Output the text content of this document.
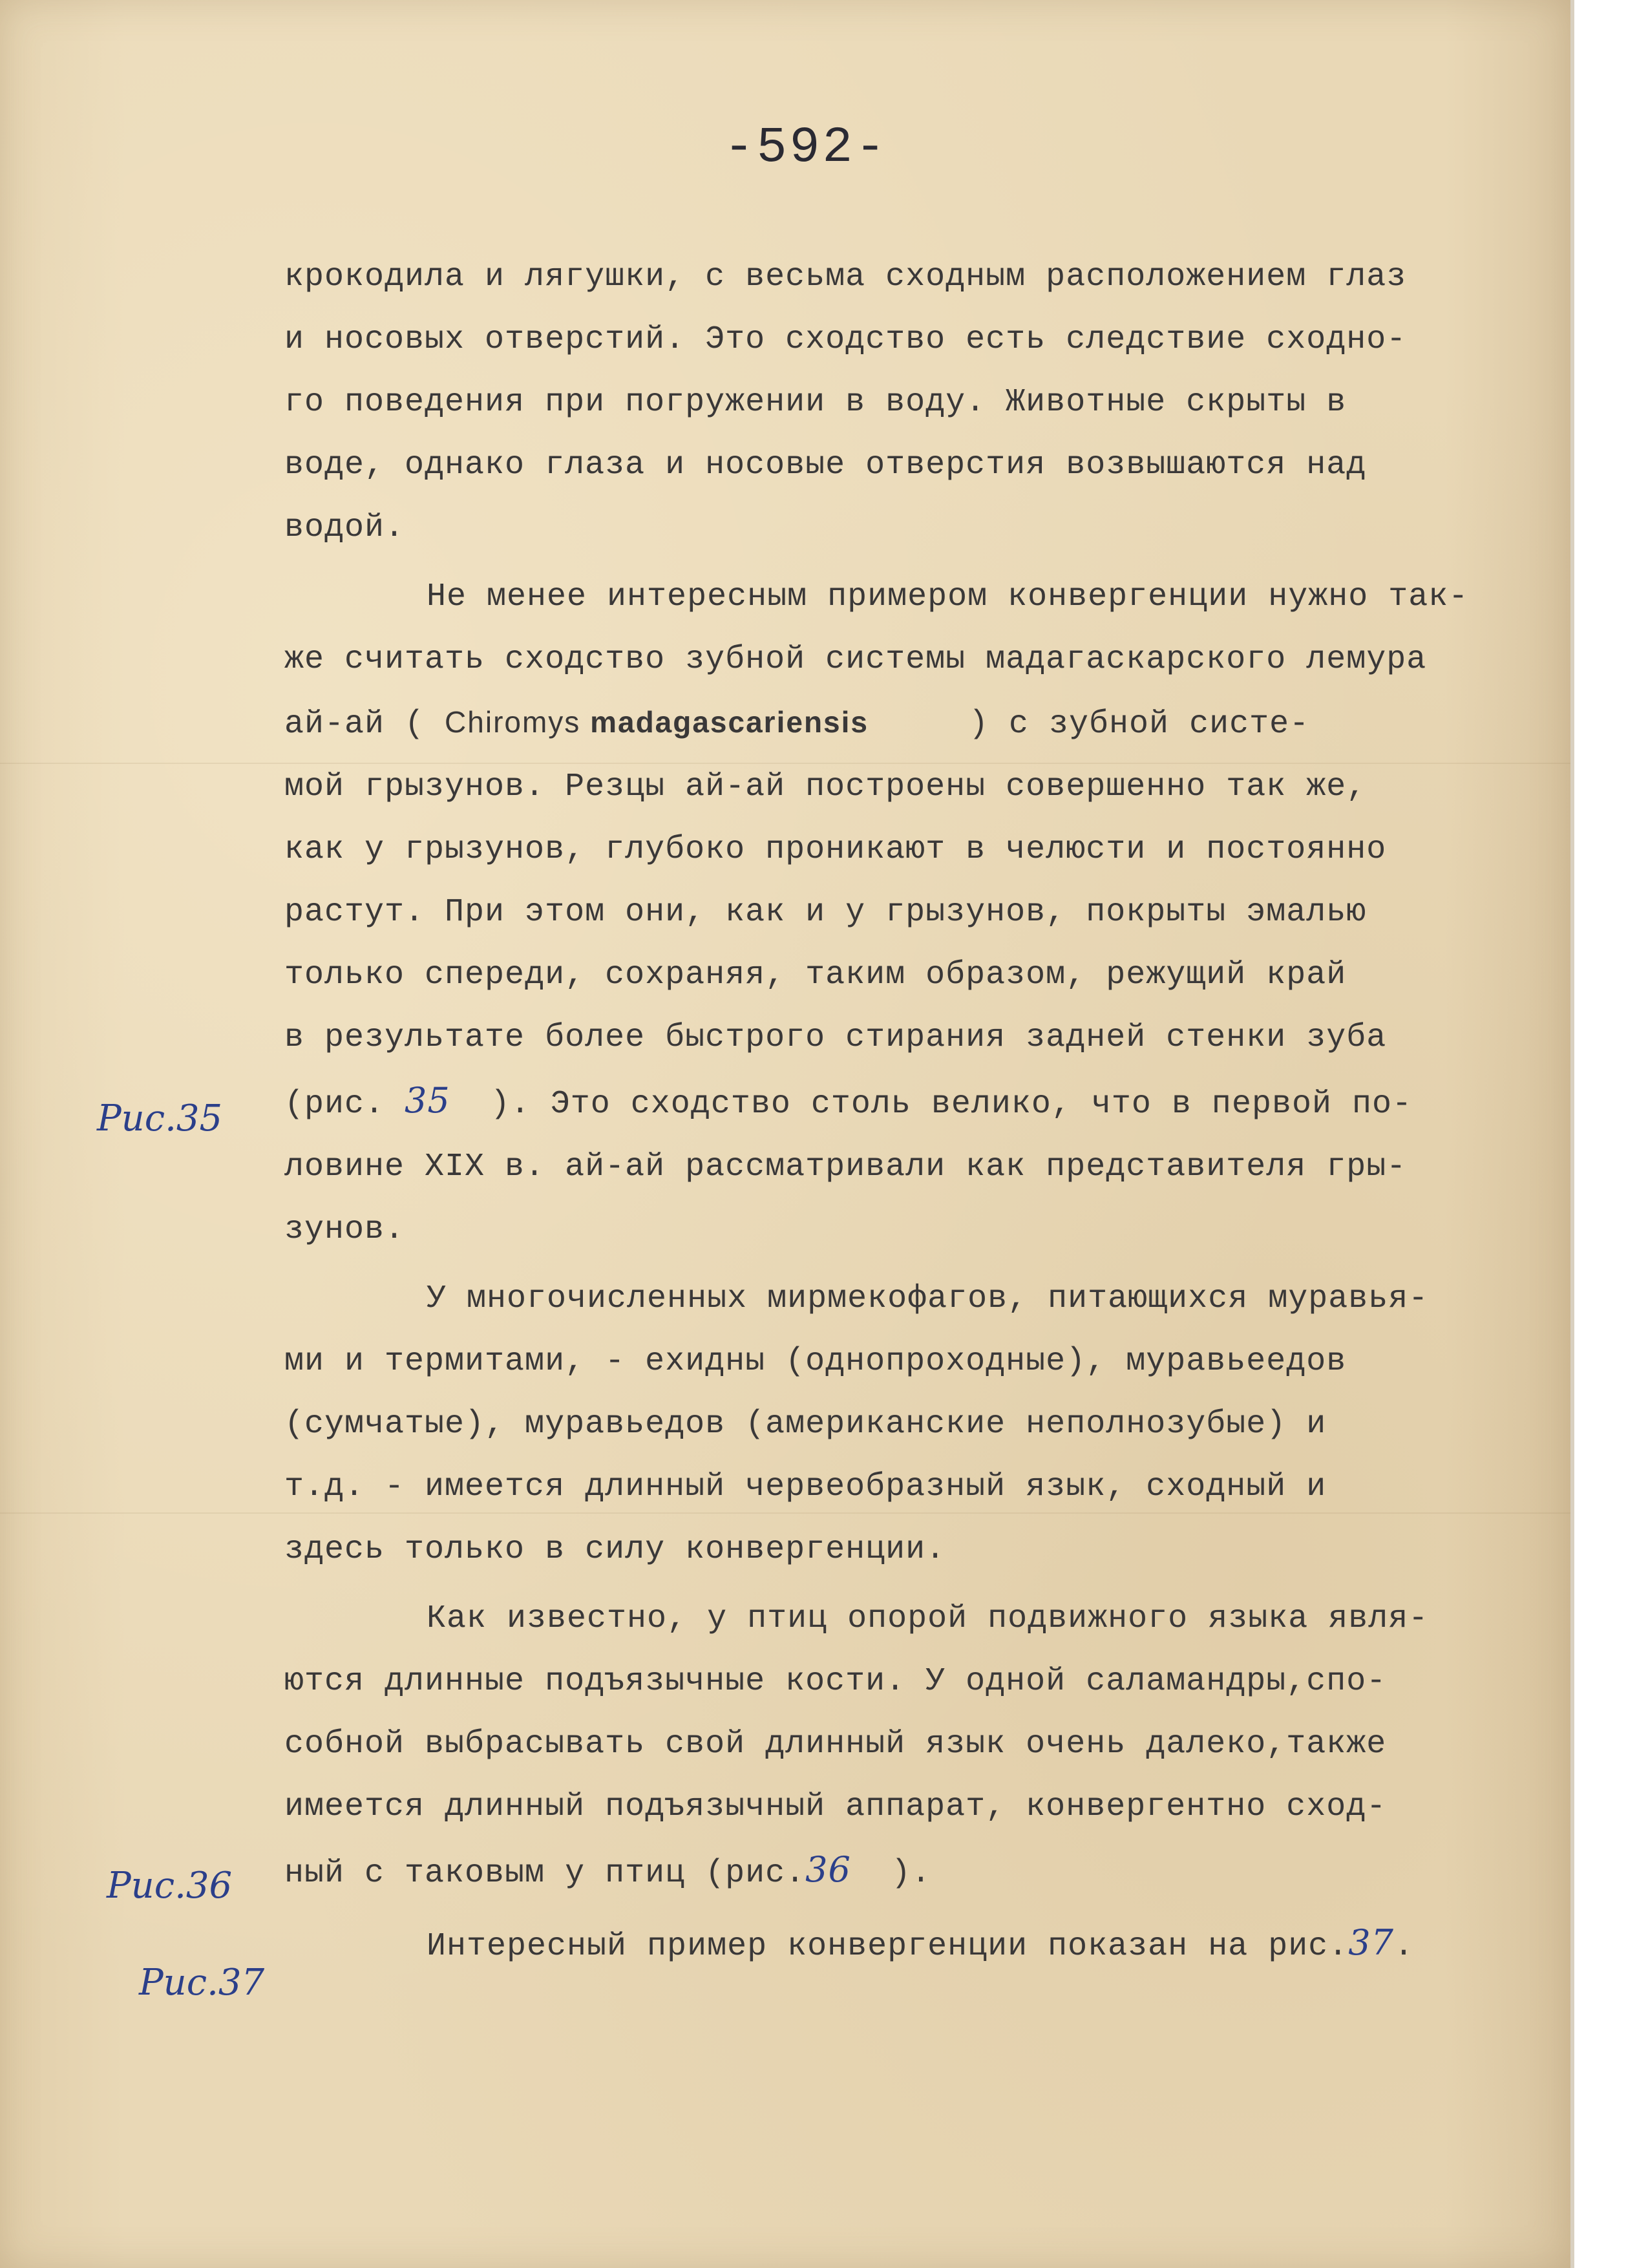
-592-
крокодила и лягушки, с весьма сходным расположением глаз
и носовых отверстий. Это сходство есть следствие сходно-
го поведения при погружении в воду. Животные скрыты в
воде, однако глаза и носовые отверстия возвышаются над
водой.
Не менее интересным примером конвергенции нужно так-
же считать сходство зубной системы мадагаскарского лемура
ай-ай ( Chiromys madagascariensis     ) с зубной систе-
мой грызунов. Резцы ай-ай построены совершенно так же,
как у грызунов, глубоко проникают в челюсти и постоянно
растут. При этом они, как и у грызунов, покрыты эмалью
только спереди, сохраняя, таким образом, режущий край
в результате более быстрого стирания задней стенки зуба
(рис. 35  ). Это сходство столь велико, что в первой по-
ловине XIX в. ай-ай рассматривали как представителя гры-
зунов.
У многочисленных мирмекофагов, питающихся муравья-
ми и термитами, - ехидны (однопроходные), муравьеедов
(сумчатые), муравьедов (американские неполнозубые) и
т.д. - имеется длинный червеобразный язык, сходный и
здесь только в силу конвергенции.
Как известно, у птиц опорой подвижного языка явля-
ются длинные подъязычные кости. У одной саламандры,спо-
собной выбрасывать свой длинный язык очень далеко,также
имеется длинный подъязычный аппарат, конвергентно сход-
ный с таковым у птиц (рис.36  ).
Интересный пример конвергенции показан на рис.37.
Рис.35
Рис.36
Рис.37
